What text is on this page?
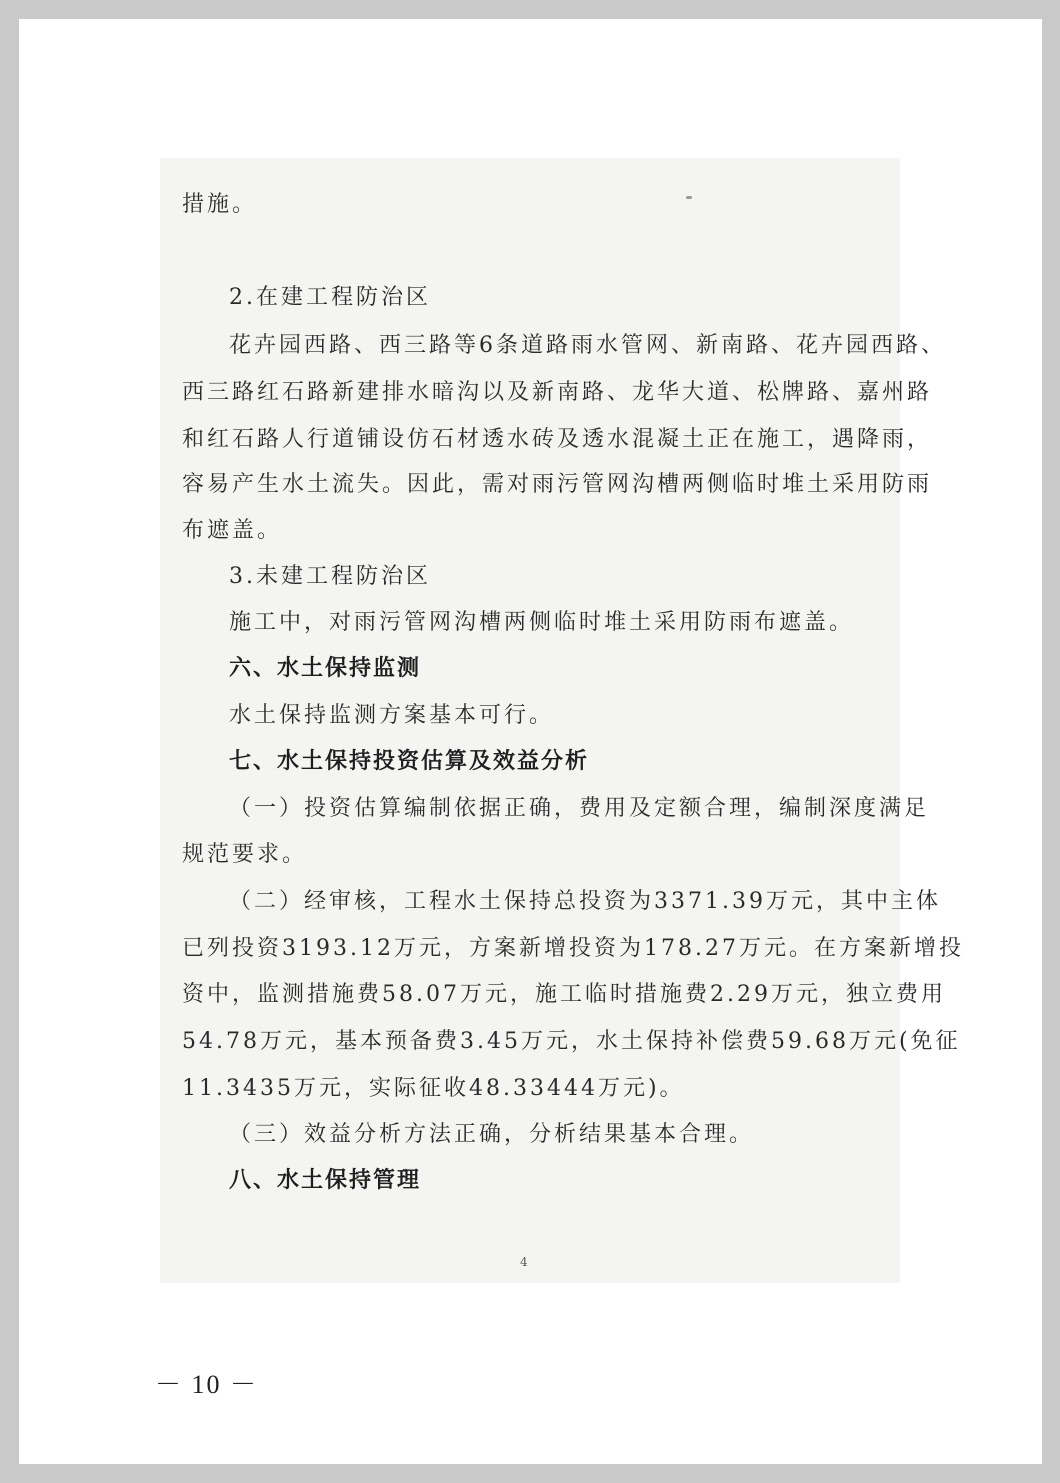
措施。
2.在建工程防治区
花卉园西路、西三路等6条道路雨水管网、新南路、花卉园西路、
西三路红石路新建排水暗沟以及新南路、龙华大道、松牌路、嘉州路
和红石路人行道铺设仿石材透水砖及透水混凝土正在施工，遇降雨，
容易产生水土流失。因此，需对雨污管网沟槽两侧临时堆土采用防雨
布遮盖。
3.未建工程防治区
施工中，对雨污管网沟槽两侧临时堆土采用防雨布遮盖。
六、水土保持监测
水土保持监测方案基本可行。
七、水土保持投资估算及效益分析
（一）投资估算编制依据正确，费用及定额合理，编制深度满足
规范要求。
（二）经审核，工程水土保持总投资为3371.39万元，其中主体
已列投资3193.12万元，方案新增投资为178.27万元。在方案新增投
资中，监测措施费58.07万元，施工临时措施费2.29万元，独立费用
54.78万元，基本预备费3.45万元，水土保持补偿费59.68万元(免征
11.3435万元，实际征收48.33444万元)。
（三）效益分析方法正确，分析结果基本合理。
八、水土保持管理
4
－ 10 －
